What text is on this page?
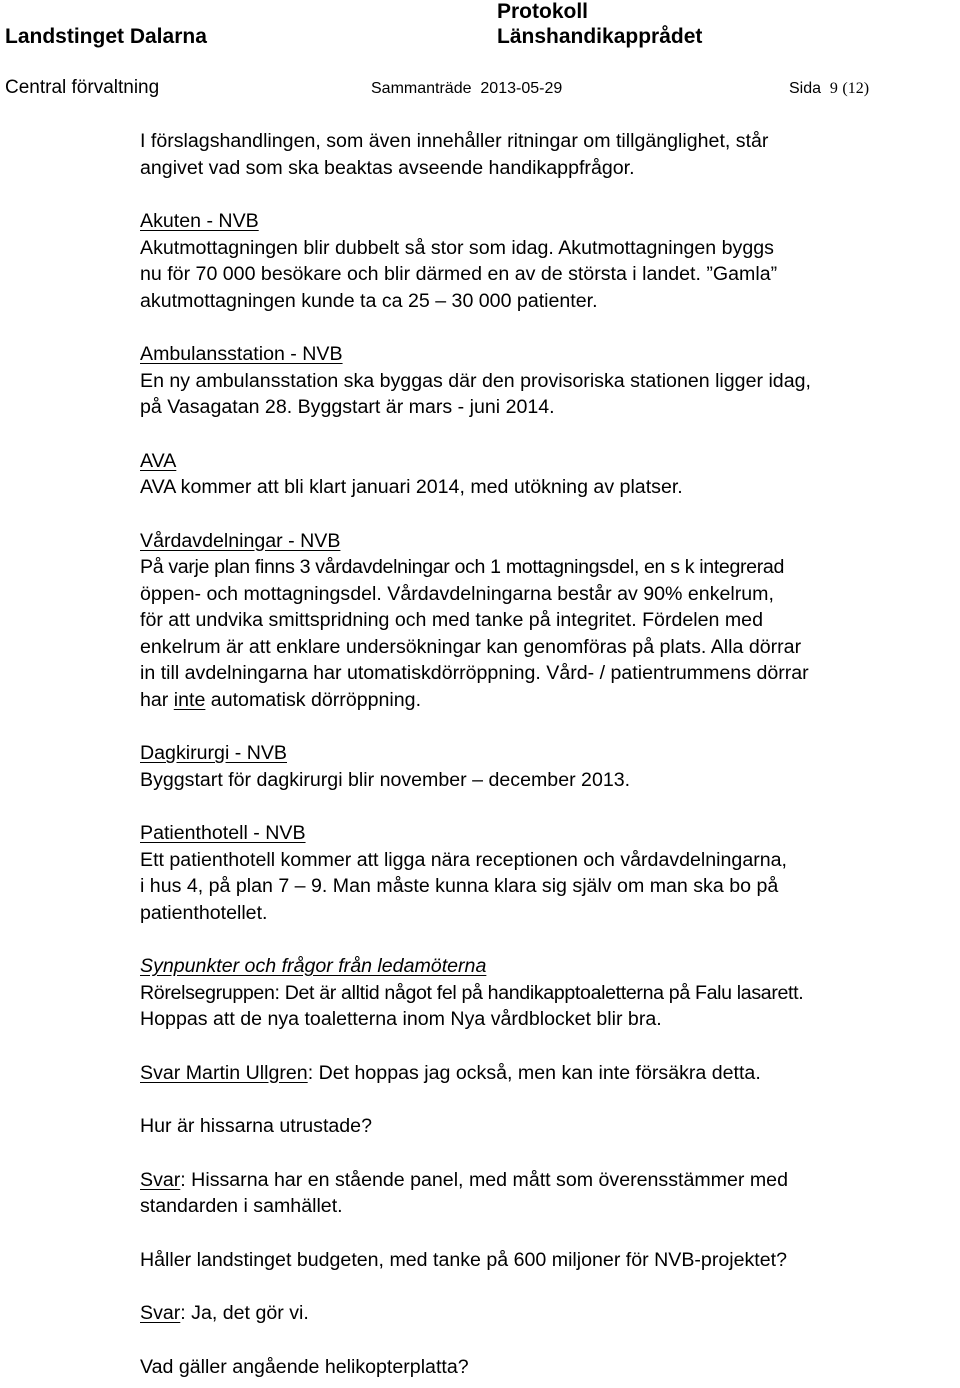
Landstinget Dalarna
Protokoll
Länshandikapprådet
Central förvaltning	Sammanträde 2013-05-29	Sida 9 (12)
I förslagshandlingen, som även innehåller ritningar om tillgänglighet, står
angivet vad som ska beaktas avseende handikappfrågor.
Akuten - NVB
Akutmottagningen blir dubbelt så stor som idag. Akutmottagningen byggs
nu för 70 000 besökare och blir därmed en av de största i landet. ”Gamla”
akutmottagningen kunde ta ca 25 – 30 000 patienter.
Ambulansstation - NVB
En ny ambulansstation ska byggas där den provisoriska stationen ligger idag,
på Vasagatan 28. Byggstart är mars - juni 2014.
AVA
AVA kommer att bli klart januari 2014, med utökning av platser.
Vårdavdelningar - NVB
På varje plan finns 3 vårdavdelningar och 1 mottagningsdel, en s k integrerad
öppen- och mottagningsdel. Vårdavdelningarna består av 90% enkelrum,
för att undvika smittspridning och med tanke på integritet. Fördelen med
enkelrum är att enklare undersökningar kan genomföras på plats. Alla dörrar
in till avdelningarna har utomatiskdörröppning. Vård- / patientrummens dörrar
har inte automatisk dörröppning.
Dagkirurgi - NVB
Byggstart för dagkirurgi blir november – december 2013.
Patienthotell - NVB
Ett patienthotell kommer att ligga nära receptionen och vårdavdelningarna,
i hus 4, på plan 7 – 9. Man måste kunna klara sig själv om man ska bo på
patienthotellet.
Synpunkter och frågor från ledamöterna
Rörelsegruppen: Det är alltid något fel på handikapptoaletterna på Falu lasarett.
Hoppas att de nya toaletterna inom Nya vårdblocket blir bra.
Svar Martin Ullgren: Det hoppas jag också, men kan inte försäkra detta.
Hur är hissarna utrustade?
Svar: Hissarna har en stående panel, med mått som överensstämmer med
standarden i samhället.
Håller landstinget budgeten, med tanke på 600 miljoner för NVB-projektet?
Svar: Ja, det gör vi.
Vad gäller angående helikopterplatta?
